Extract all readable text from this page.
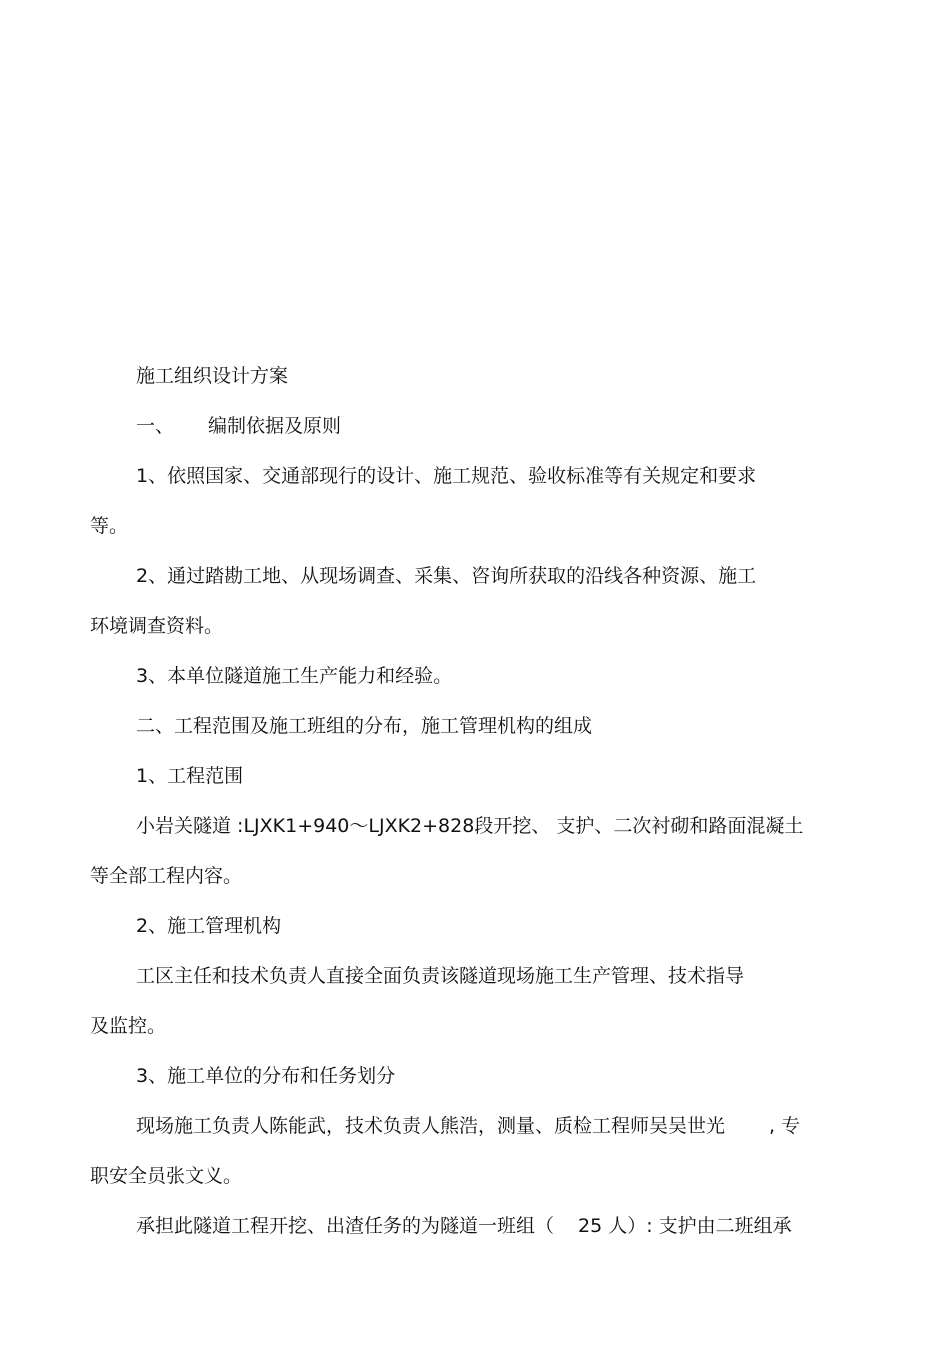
施工组织设计方案
一、 编制依据及原则
1、依照国家、交通部现行的设计、施工规范、验收标准等有关规定和要求
等。
2、通过踏勘工地、从现场调查、采集、咨询所获取的沿线各种资源、施工
环境调查资料。
3、本单位隧道施工生产能力和经验。
二、工程范围及施工班组的分布，施工管理机构的组成
1、工程范围
小岩关隧道 :LJXK1+940～LJXK2+828段开挖、 支护、二次衬砌和路面混凝土
等全部工程内容。
2、施工管理机构
工区主任和技术负责人直接全面负责该隧道现场施工生产管理、技术指导
及监控。
3、施工单位的分布和任务划分
现场施工负责人陈能武，技术负责人熊浩，测量、质检工程师吴吴世光 , 专
职安全员张文义。
承担此隧道工程开挖、出渣任务的为隧道一班组（ 25 人）: 支护由二班组承
